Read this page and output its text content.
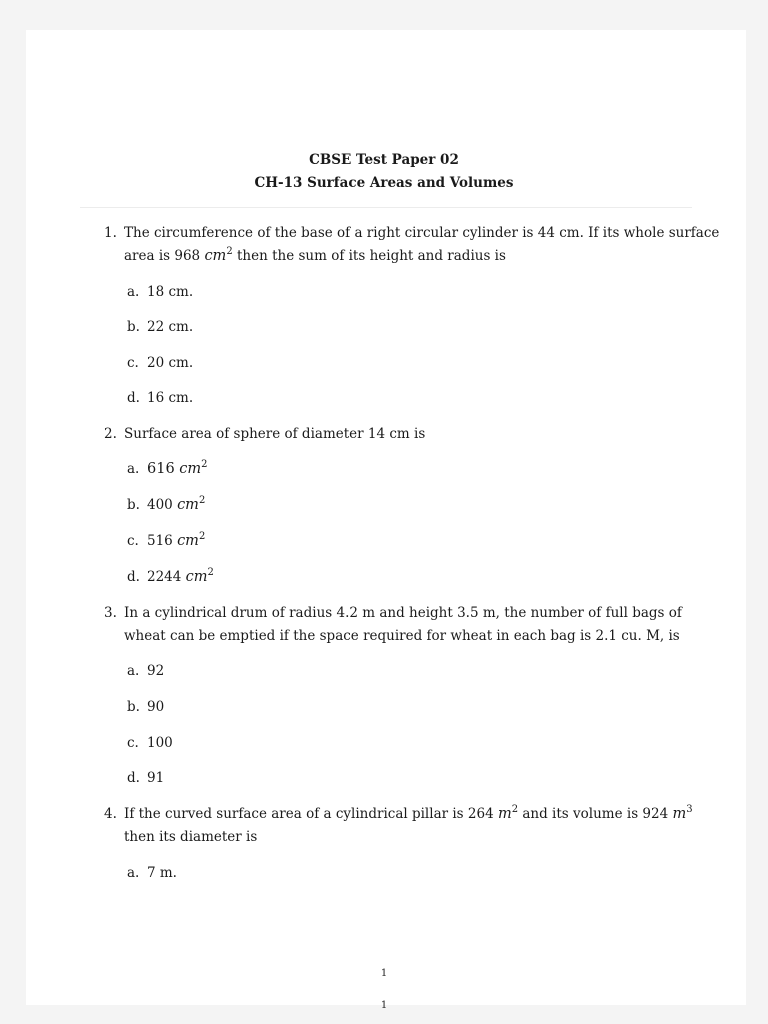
CBSE Test Paper 02
CH-13 Surface Areas and Volumes
1. The circumference of the base of a right circular cylinder is 44 cm. If its whole surface
area is 968 $cm^2$ then the sum of its height and radius is
a. 18 cm.
b. 22 cm.
c. 20 cm.
d. 16 cm.
2. Surface area of sphere of diameter 14 cm is
a. 616 $cm^2$
b. 400 $cm^2$
c. 516 $cm^2$
d. 2244 $cm^2$
3. In a cylindrical drum of radius 4.2 m and height 3.5 m, the number of full bags of
wheat can be emptied if the space required for wheat in each bag is 2.1 cu. M, is
a. 92
b. 90
c. 100
d. 91
4. If the curved surface area of a cylindrical pillar is 264 $m^2$ and its volume is 924 $m^3$
then its diameter is
a. 7 m.
1
1
